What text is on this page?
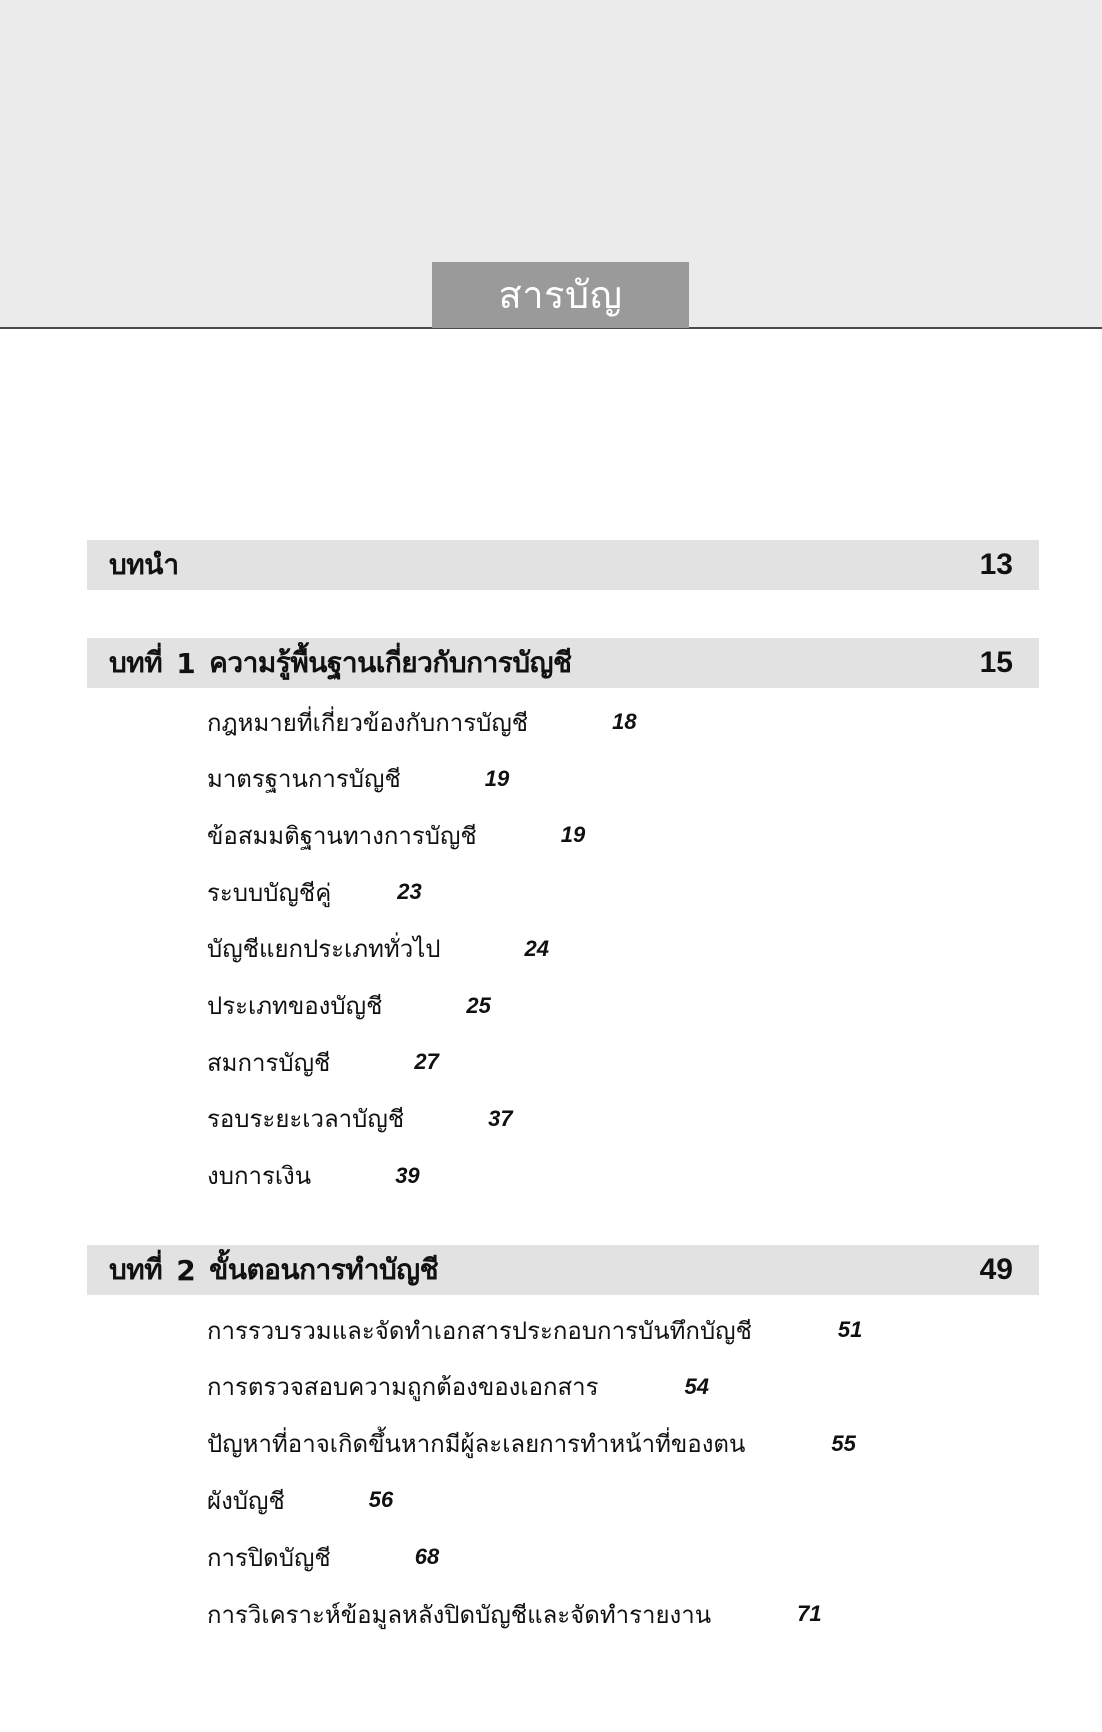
สารบัญ
บทนำ	13
บทที่ 1 ความรู้พื้นฐานเกี่ยวกับการบัญชี	15
กฎหมายที่เกี่ยวข้องกับการบัญชี	18
มาตรฐานการบัญชี	19
ข้อสมมติฐานทางการบัญชี	19
ระบบบัญชีคู่	23
บัญชีแยกประเภททั่วไป	24
ประเภทของบัญชี	25
สมการบัญชี	27
รอบระยะเวลาบัญชี	37
งบการเงิน	39
บทที่ 2 ขั้นตอนการทำบัญชี	49
การรวบรวมและจัดทำเอกสารประกอบการบันทึกบัญชี	51
การตรวจสอบความถูกต้องของเอกสาร	54
ปัญหาที่อาจเกิดขึ้นหากมีผู้ละเลยการทำหน้าที่ของตน	55
ผังบัญชี	56
การปิดบัญชี	68
การวิเคราะห์ข้อมูลหลังปิดบัญชีและจัดทำรายงาน	71
